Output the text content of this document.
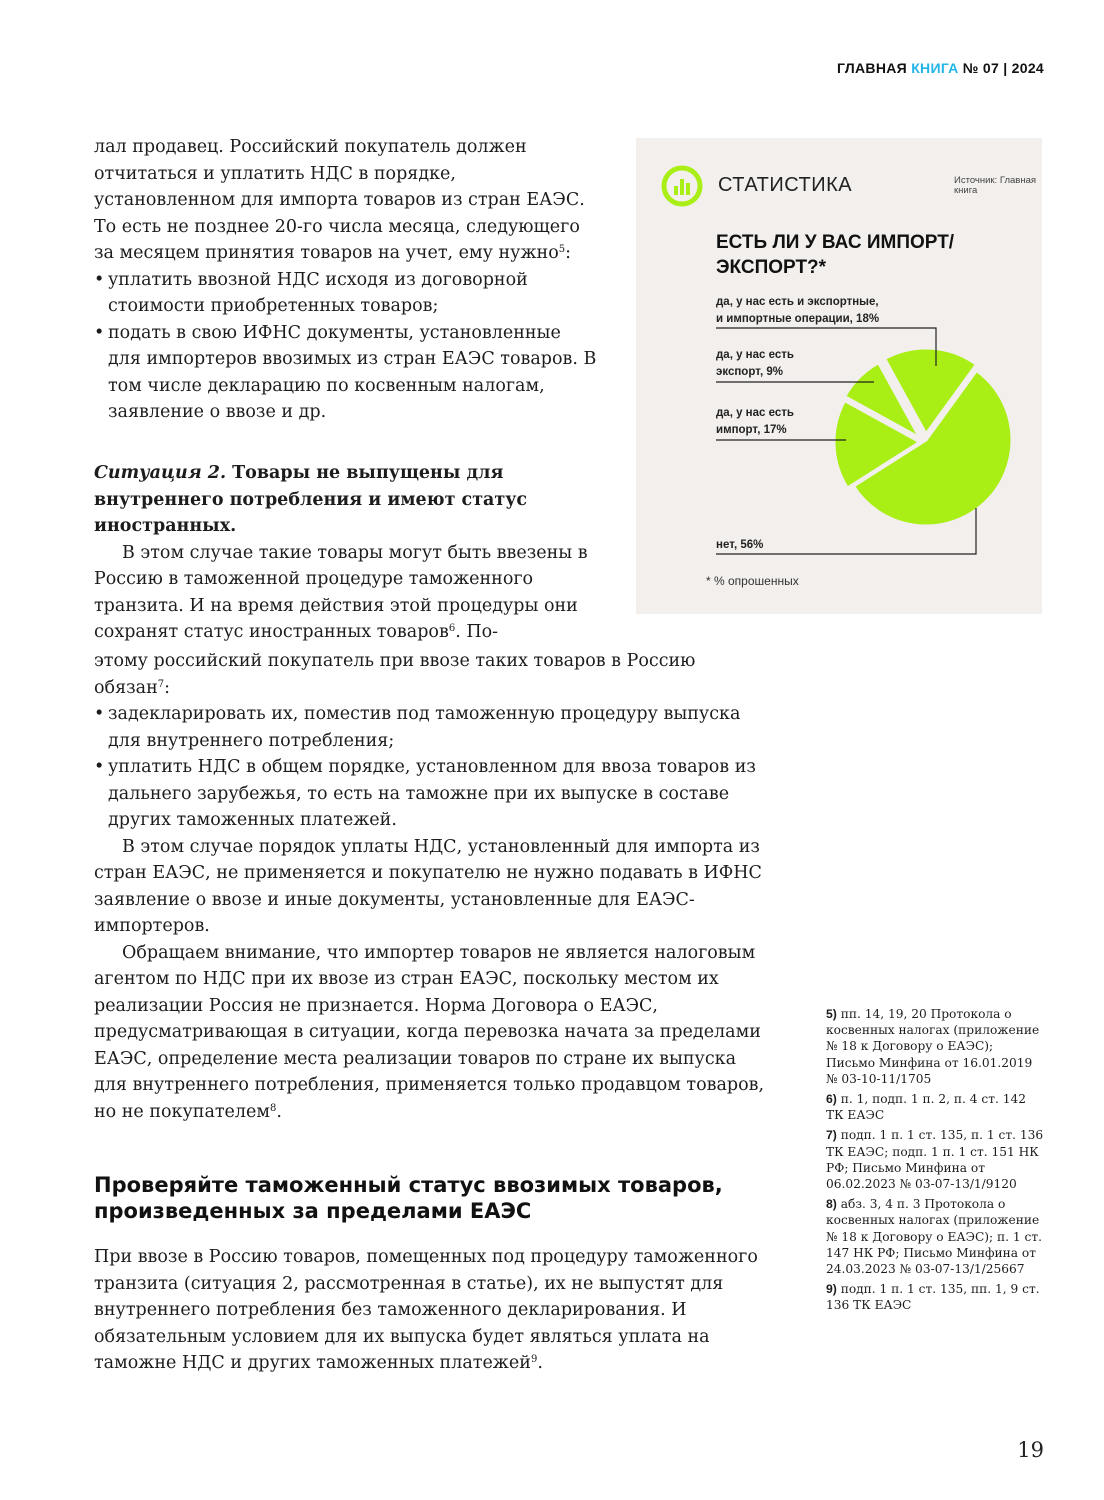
ГЛАВНАЯ КНИГА № 07 | 2024

лал продавец. Российский покупатель должен отчитаться и уплатить НДС в порядке, установленном для импорта товаров из стран ЕАЭС. То есть не позднее 20-го числа месяца, следующего за месяцем принятия товаров на учет, ему нужно$^5$:

• уплатить ввозной НДС исходя из договорной стоимости приобретенных товаров;
• подать в свою ИФНС документы, установленные для импортеров ввозимых из стран ЕАЭС товаров. В том числе декларацию по косвенным налогам, заявление о ввозе и др.

Ситуация 2. Товары не выпущены для внутреннего потребления и имеют статус иностранных.

В этом случае такие товары могут быть ввезены в Россию в таможенной процедуре таможенного транзита. И на время действия этой процедуры они сохранят статус иностранных товаров$^6$. По-

этому российский покупатель при ввозе таких товаров в Россию обязан$^7$:

• задекларировать их, поместив под таможенную процедуру выпуска для внутреннего потребления;
• уплатить НДС в общем порядке, установленном для ввоза товаров из дальнего зарубежья, то есть на таможне при их выпуске в составе других таможенных платежей.

В этом случае порядок уплаты НДС, установленный для импорта из стран ЕАЭС, не применяется и покупателю не нужно подавать в ИФНС заявление о ввозе и иные документы, установленные для ЕАЭС-импортеров.

Обращаем внимание, что импортер товаров не является налоговым агентом по НДС при их ввозе из стран ЕАЭС, поскольку местом их реализации Россия не признается. Норма Договора о ЕАЭС, предусматривающая в ситуации, когда перевозка начата за пределами ЕАЭС, определение места реализации товаров по стране их выпуска для внутреннего потребления, применяется только продавцом товаров, но не покупателем$^8$.

Проверяйте таможенный статус ввозимых товаров, произведенных за пределами ЕАЭС

При ввозе в Россию товаров, помещенных под процедуру таможенного транзита (ситуация 2, рассмотренная в статье), их не выпустят для внутреннего потребления без таможенного декларирования. И обязательным условием для их выпуска будет являться уплата на таможне НДС и других таможенных платежей$^9$.

СТАТИСТИКА	Источник: Главная книга
ЕСТЬ ЛИ У ВАС ИМПОРТ/ЭКСПОРТ?*
да, у нас есть и экспортные,
и импортные операции, 18%
да, у нас есть
экспорт, 9%
да, у нас есть
импорт, 17%
нет, 56%
* % опрошенных
5) пп. 14, 19, 20 Протокола о косвенных налогах (приложение № 18 к Договору о ЕАЭС); Письмо Минфина от 16.01.2019 № 03-10-11/1705
6) п. 1, подп. 1 п. 2, п. 4 ст. 142 ТК ЕАЭС
7) подп. 1 п. 1 ст. 135, п. 1 ст. 136 ТК ЕАЭС; подп. 1 п. 1 ст. 151 НК РФ; Письмо Минфина от 06.02.2023 № 03-07-13/1/9120
8) абз. 3, 4 п. 3 Протокола о косвенных налогах (приложение № 18 к Договору о ЕАЭС); п. 1 ст. 147 НК РФ; Письмо Минфина от 24.03.2023 № 03-07-13/1/25667
9) подп. 1 п. 1 ст. 135, пп. 1, 9 ст. 136 ТК ЕАЭС
19
